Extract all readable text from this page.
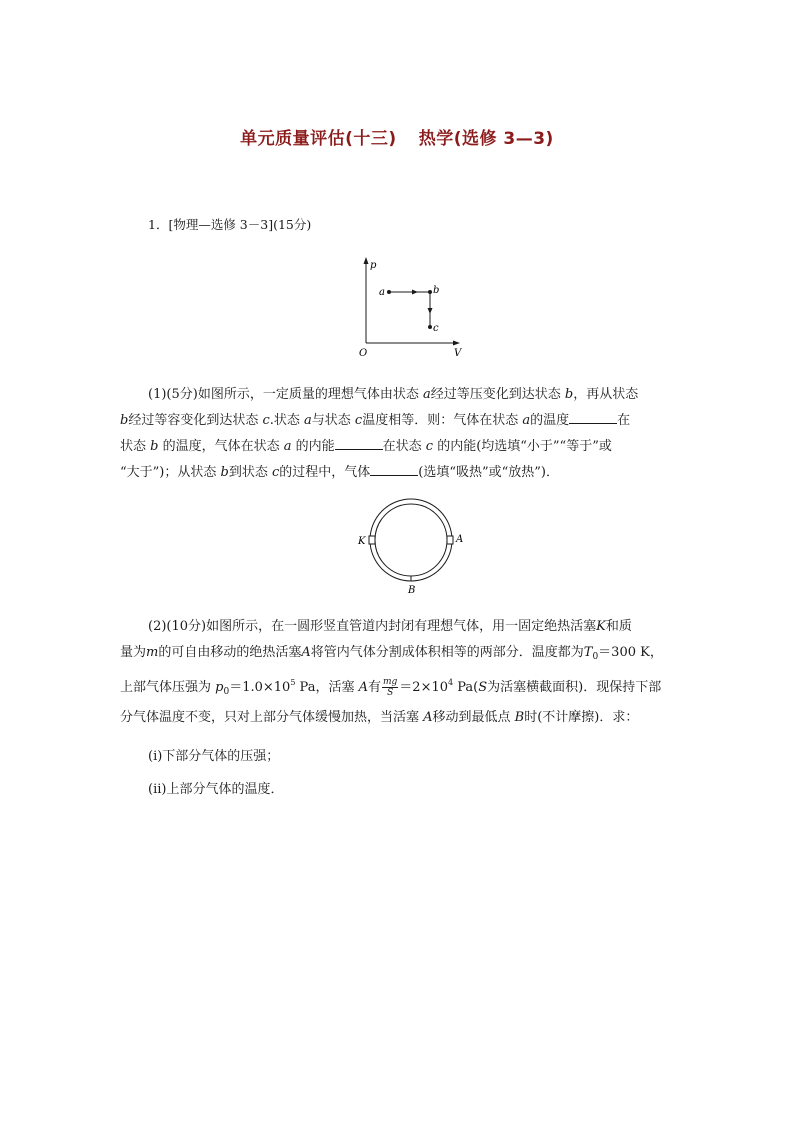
单元质量评估(十三) 热学(选修 3—3)
1．[物理—选修 3－3](15分)
p
V
O
a	b
c
(1)(5分)如图所示，一定质量的理想气体由状态 a经过等压变化到达状态 b，再从状态
b经过等容变化到达状态 c.状态 a与状态 c温度相等．则：气体在状态 a的温度	在
状态 b 的温度，气体在状态 a 的内能	在状态 c 的内能(均选填“小于”“等于”或
“大于”)；从状态 b到状态 c的过程中，气体	(选填“吸热”或“放热”)．
K	A
B
(2)(10分)如图所示，在一圆形竖直管道内封闭有理想气体，用一固定绝热活塞K和质
量为m的可自由移动的绝热活塞A将管内气体分割成体积相等的两部分．温度都为$T_0=300$ K，
上部气体压强为 $p_0=1.0\times 10^5$ Pa，活塞 A有 $\frac{mg}{S} =2\times 10^4$ Pa(S为活塞横截面积)．现保持下部
分气体温度不变，只对上部分气体缓慢加热，当活塞 A移动到最低点 B时(不计摩擦)．求：
(ⅰ)下部分气体的压强；
(ⅱ)上部分气体的温度．
